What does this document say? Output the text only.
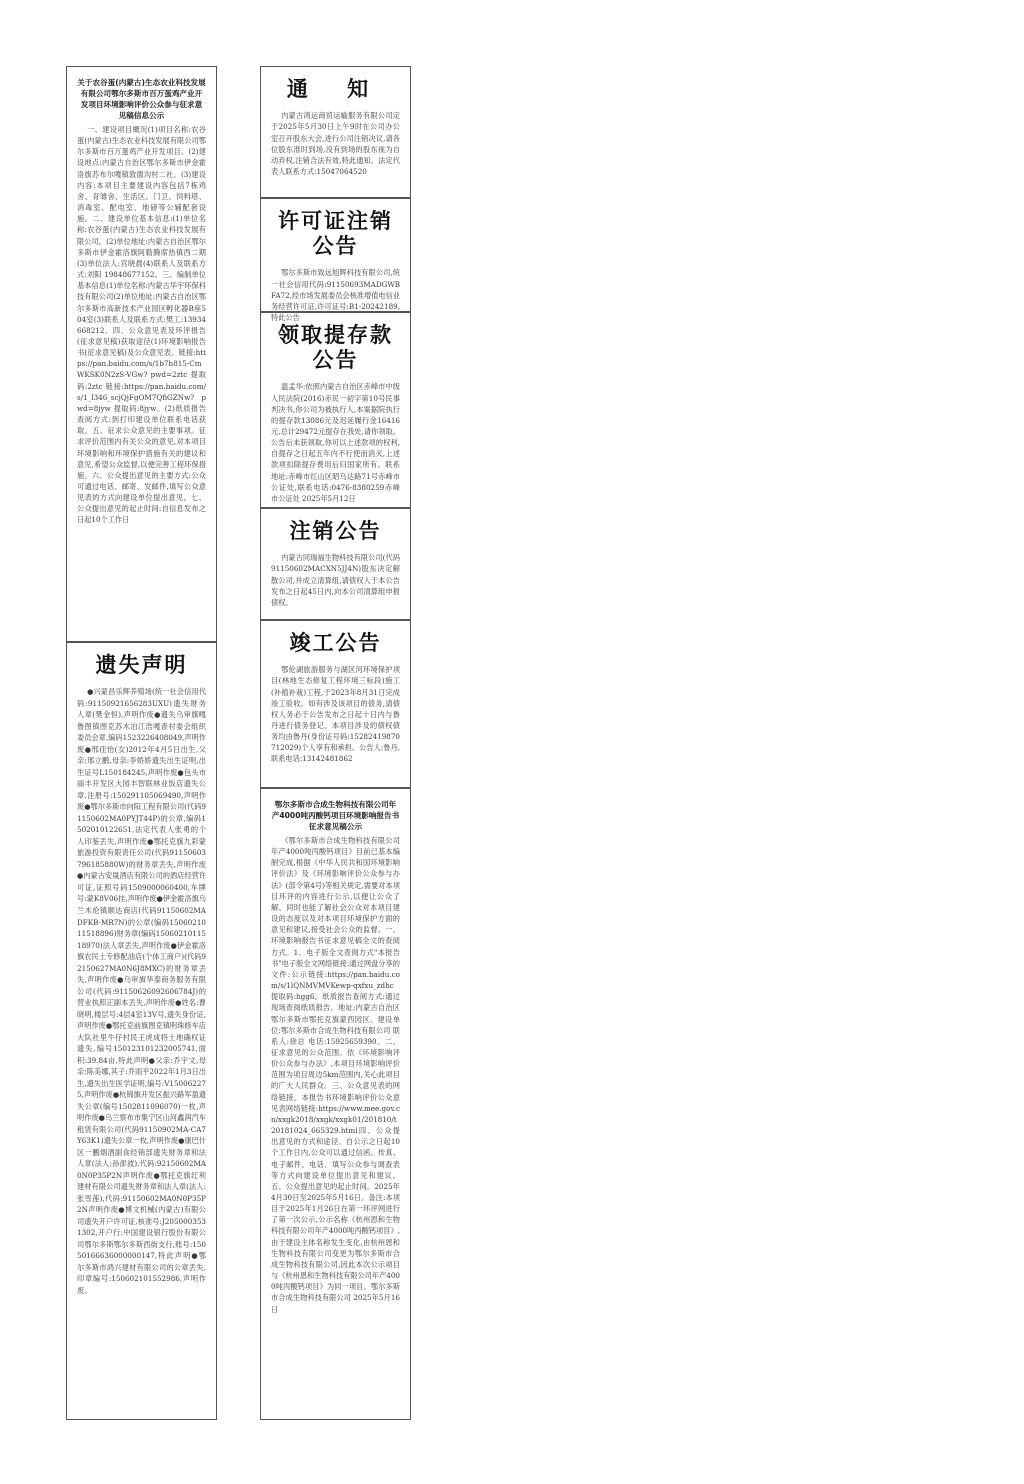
关于农谷蛋(内蒙古)生态农业科技发展有限公司鄂尔多斯市百万蛋鸡产业开发项目环境影响评价公众参与征求意见稿信息公示

一、建设项目概况(1)项目名称:农谷蛋(内蒙古)生态农业科技发展有限公司鄂尔多斯市百万蛋鸡产业开发项目。(2)建设地点:内蒙古自治区鄂尔多斯市伊金霍洛旗苏布尔嘎镇敦德沟村二社。(3)建设内容:本项目主要建设内容包括7栋鸡舍、育雏舍、生活区、门卫、饲料塔、消毒室、配电室、地磅等公辅配套设施。二、建设单位基本信息:(1)单位名称:农谷蛋(内蒙古)生态农业科技发展有限公司。(2)单位地址:内蒙古自治区鄂尔多斯市伊金霍洛旗阿勒腾席热镇西二期(3)单位法人:宫晓晨(4)联系人及联系方式:刘阳 19848677152。三、编制单位基本信息(1)单位名称:内蒙古华宇环保科技有限公司(2)单位地址:内蒙古自治区鄂尔多斯市高新技术产业园区孵化器B座504室(3)联系人及联系方式:樊工:13934668212。四、公众意见表及环评报告(征求意见稿)获取途径(1)环境影响报告书(征求意见稿)及公众意见表。链接:https://pan.baidu.com/s/1b7h815-CmWKSK0N2zS-VGw? pwd=2ztc 提取码:2ztc 链接:https://pan.baidu.com/s/1_l346_scjQjFgOM7QfiGZNw? pwd=8jyw 提取码:8jyw。(2)纸质报告查阅方式:到打印建设单位联系电话获取。五、征求公众意见的主要事项。征求评价范围内有关公众的意见,对本项目环境影响和环境保护措施有关的建议和意见,希望公众监督,以便完善工程环保措施。六、公众提出意见的主要方式:公众可通过电话、邮寄、发邮件,填写公众意见表的方式向建设单位提出意见。七、公众提出意见的起止时间:自信息发布之日起10个工作日

遗失声明

●兴蒙昌乐辉养殖场(统一社会信用代码:91150921656283UXU)遗失财务人章(樊金恒),声明作废●遗失乌审旗嘎鲁图镇图克苏木泊江浩嘎查村委会组织委员会章,编码1523226408049,声明作废●邢佳怡(女)2012年4月5日出生,父亲:邢立鹏,母亲:李娇娇遗失出生证明,出生证号L150184245,声明作废●包头市丽丰开发区大园丰智联林业饭店遗失公章,注册号:150291105069490,声明作废●鄂尔多斯市向阳工程有限公司(代码91150602MA0PYJT44P)的公章,编码1502010122651,法定代表人张勇的个人印鉴丢失,声明作废●鄂托克旗九彩蒙旅游投资有限责任公司(代码91150603796185880W)的财务章丢失,声明作废●内蒙古安晟酒店有限公司的酒店经营许可证,证照号码1509000060400,车牌号:蒙K8V06挂,声明作废●伊金霍洛旗乌兰木伦镇顺达商店(代码91150602MADFKB-MR7N)的公章(编码1506021011518896)财务章(编码1506021011518970)法人章丢失,声明作废●伊金霍洛旗农民土专修配油店(个体工商户)(代码92150627MA0N6J8MXC)的财务章丢失,声明作废●乌审旗华泰商务服务有限公司(代码:91150626092606784J)的营业执照正副本丢失,声明作废●姓名:曹晓明,楼层号:4层4室13V号,遗失身份证,声明作废●鄂托克前旗图克镇明珠修车店大队社里牛仔村民王虎成将土地确权证遗失,编号150123101232005741,面积:39.84亩,特此声明●父亲:乔宇文,母亲:陈美娜,其子:乔雨平2022年1月3日出生,遗失出生医学证明,编号:V150062275,声明作废●杭锦旗开发区振兴路军盈遗失公章(编号1502811096070)一枚,声明作废●乌兰察布市集宁区山河鑫润汽车租赁有限公司(代码91150902MA-CA7Y63K1)遗失公章一枚,声明作废●康巴什区一鹏烟酒副食经销部遗失财务章和法人章(法人:孙澎波),代码:92150602MA0N0P35P2N声明作废●鄂托克旗红利建材有限公司遗失财务章和法人章(法人:张雪莲),代码:91150602MA0N0P35P2N声明作废●博文机械(内蒙古)有限公司遗失开户许可证,核准号:J2050003531302,开户行:中国建设银行股份有限公司鄂尔多斯鄂尔多斯西街支行,账号:15050166636000000147,特此声明●鄂尔多斯市鸿兴建材有限公司的公章丢失,印章编号:150602101552986,声明作废。

通 知

内蒙古鸿运商贸运输服务有限公司定于2025年5月30日上午9时在公司办公室召开股东大会,进行公司注销决议,请各位股东准时到场,没有到场的股东视为自动弃权,注销合法有效,特此通知。法定代表人联系方式:15047064520

许可证注销公告

鄂尔多斯市致远旭辉科技有限公司,统一社会信用代码:91150693MADGWBFA72,经市场发展委员会核准增值电信业务经营许可证,许可证号:B1-20242189,特此公告

领取提存款公告

温孟华:依照内蒙古自治区赤峰市中级人民法院(2016)赤民一初字第10号民事判决书,你公司为被执行人,本案据院执行的提存款13086元及迟延履行金16416元,总计29472元提存在我处,请你领取。公告后未获领取,你可以上述款项的权利,自提存之日起五年内不行使而消灭,上述款项扣除提存费用后归国家所有。联系地址:赤峰市红山区昭乌达路71号赤峰市公证处,联系电话:0476-8380259赤峰市公证处 2025年5月12日

注销公告

内蒙古同瑞福生物科技有限公司(代码91150602MACXN5JJ4N)股东决定解散公司,并成立清算组,请债权人于本公告发布之日起45日内,向本公司清算组申报债权。

竣工公告

鄂伦湖旅游服务与湖区河环境保护项目(林地生态修复工程环境三标段)施工(补植补栽)工程,于2023年8月31日完成竣工验收。如有涉及该项目的债务,请债权人务必于公告发布之日起十日内与鲁丹进行债务登记。本项目涉及的债权债务均由鲁丹(身份证号码:15282419870712029)个人享有和承担。公告人:鲁丹,联系电话:13142481862

鄂尔多斯市合成生物科技有限公司年产4000吨丙酸钙项目环境影响报告书征求意见稿公示

《鄂尔多斯市合成生物科技有限公司年产4000吨丙酸钙项目》目前已基本编制完成,根据《中华人民共和国环境影响评价法》及《环境影响评价公众参与办法》(部令第4号)等相关规定,需要对本项目环评的内容进行公示,以便让公众了解、同时也能了解社会公众对本项目建设的态度以及对本项目环境保护方面的意见和建议,接受社会公众的监督。一、环境影响报告书征求意见稿全文的查阅方式。1、电子版全文查阅方式"本报告书"电子版全文网络链接:通过网盘分享的文件:公示链接:https://pan.baidu.com/s/1lQNMVMVKewp-qxfxu_zdhc 提取码:hgg6。纸质报告查阅方式:通过现场查阅纸质报告。地址:内蒙古自治区鄂尔多斯市鄂托克旗蒙西园区。建设单位:鄂尔多斯市合成生物科技有限公司 联系人:徐总 电话:15925659390。二、征求意见的公众范围。依《环境影响评价公众参与办法》,本项目环境影响评价范围为项目周边5km范围内,关心此项目的广大人民群众。三、公众意见表的网络链接。本报告书环境影响评价公众意见表网络链接:https://www.mee.gov.cn/xxgk2018/xxgk/xxgk01/201810/t20181024_665329.html四、公众提出意见的方式和途径。自公示之日起10个工作日内,公众可以通过信函、传真、电子邮件、电话、填写公众参与调查表等方式向建设单位提出意见和建议。五、公众提出意见的起止时间。2025年4月30日至2025年5月16日。备注:本项目于2025年1月26日在第一环评网进行了第一次公示,公示名称《杭州恩和生物科技有限公司年产4000吨丙酸钙项目》,由于建设主体名称发生变化,由杭州恩和生物科技有限公司变更为鄂尔多斯市合成生物科技有限公司,因此本次公示项目与《杭州恩和生物科技有限公司年产4000吨丙酸钙项目》为同一项目。鄂尔多斯市合成生物科技有限公司 2025年5月16日
